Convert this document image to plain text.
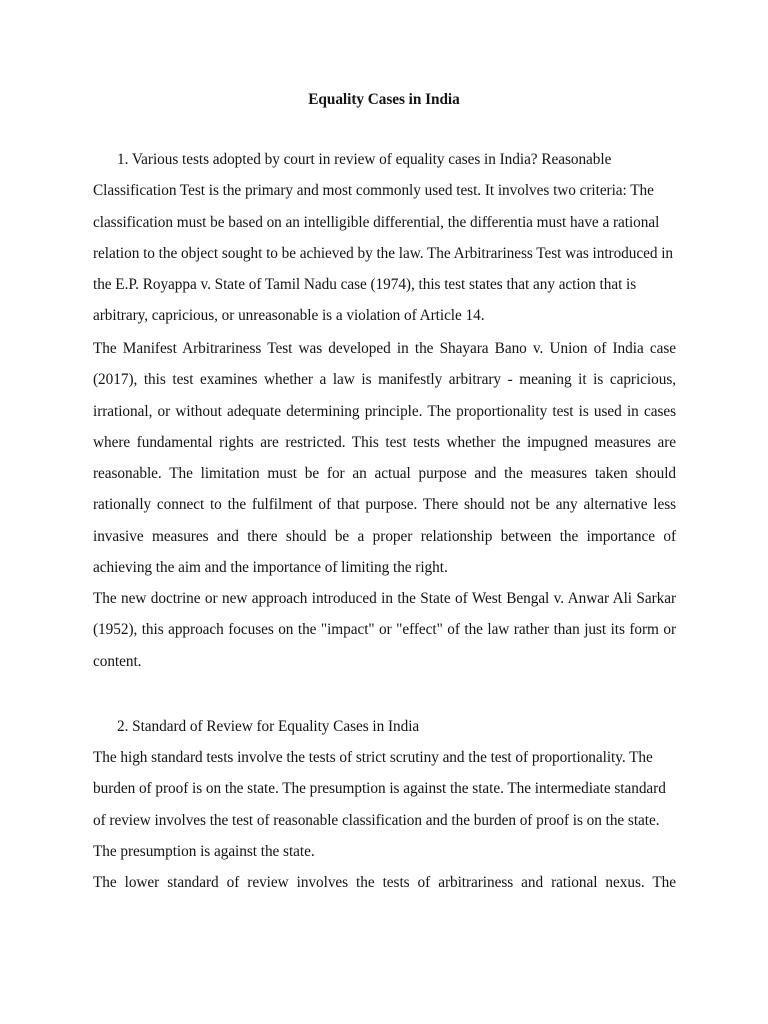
Equality Cases in India

1. Various tests adopted by court in review of equality cases in India? Reasonable Classification Test is the primary and most commonly used test. It involves two criteria: The classification must be based on an intelligible differential, the differentia must have a rational relation to the object sought to be achieved by the law. The Arbitrariness Test was introduced in the E.P. Royappa v. State of Tamil Nadu case (1974), this test states that any action that is arbitrary, capricious, or unreasonable is a violation of Article 14.

The Manifest Arbitrariness Test was developed in the Shayara Bano v. Union of India case (2017), this test examines whether a law is manifestly arbitrary - meaning it is capricious, irrational, or without adequate determining principle. The proportionality test is used in cases where fundamental rights are restricted. This test tests whether the impugned measures are reasonable. The limitation must be for an actual purpose and the measures taken should rationally connect to the fulfilment of that purpose. There should not be any alternative less invasive measures and there should be a proper relationship between the importance of achieving the aim and the importance of limiting the right.

The new doctrine or new approach introduced in the State of West Bengal v. Anwar Ali Sarkar (1952), this approach focuses on the "impact" or "effect" of the law rather than just its form or content.

2. Standard of Review for Equality Cases in India

The high standard tests involve the tests of strict scrutiny and the test of proportionality. The burden of proof is on the state. The presumption is against the state. The intermediate standard of review involves the test of reasonable classification and the burden of proof is on the state. The presumption is against the state.

The lower standard of review involves the tests of arbitrariness and rational nexus. The
